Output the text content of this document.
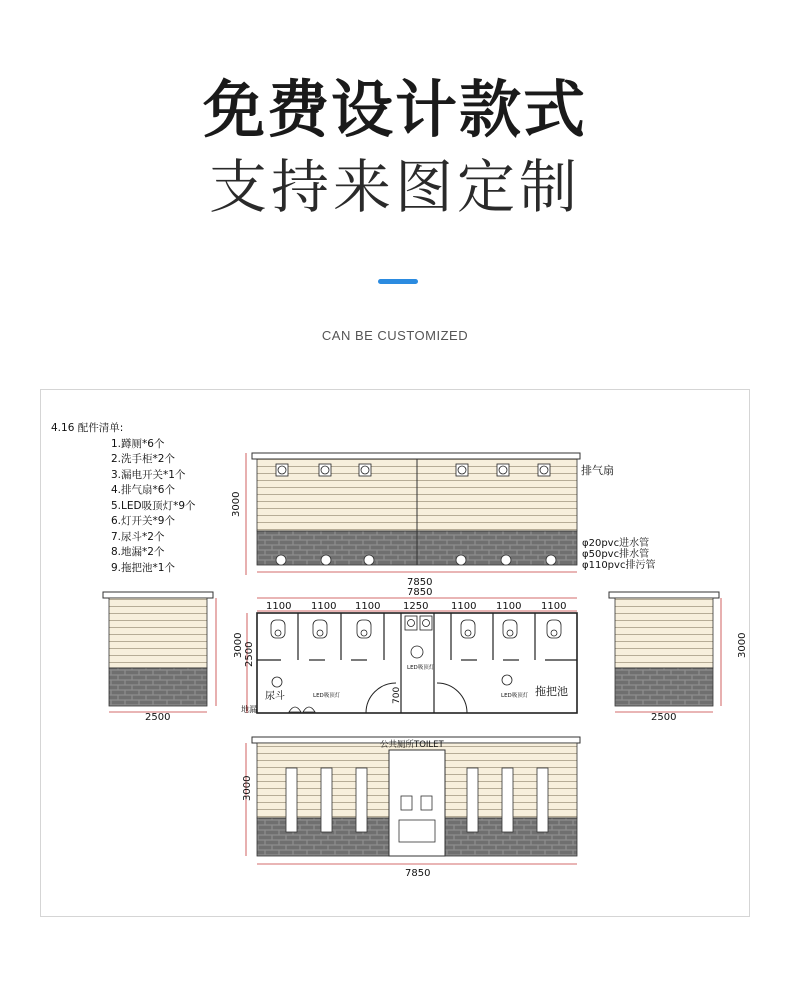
免费设计款式
支持来图定制
CAN BE CUSTOMIZED
排气扇
φ20pvc进水管
φ50pvc排水管
φ110pvc排污管
3000
7850
2500
3000
2500
3000
7850
1100 1100 1100 1250 1100 1100 1100
LED吸顶灯
LED吸顶灯	LED吸顶灯
尿斗
地漏
拖把池
700
2500
公共厕所TOILET
3000
7850
4.16 配件清单:
1.蹲厕*6个
2.洗手柜*2个
3.漏电开关*1个
4.排气扇*6个
5.LED吸顶灯*9个
6.灯开关*9个
7.尿斗*2个
8.地漏*2个
9.拖把池*1个
